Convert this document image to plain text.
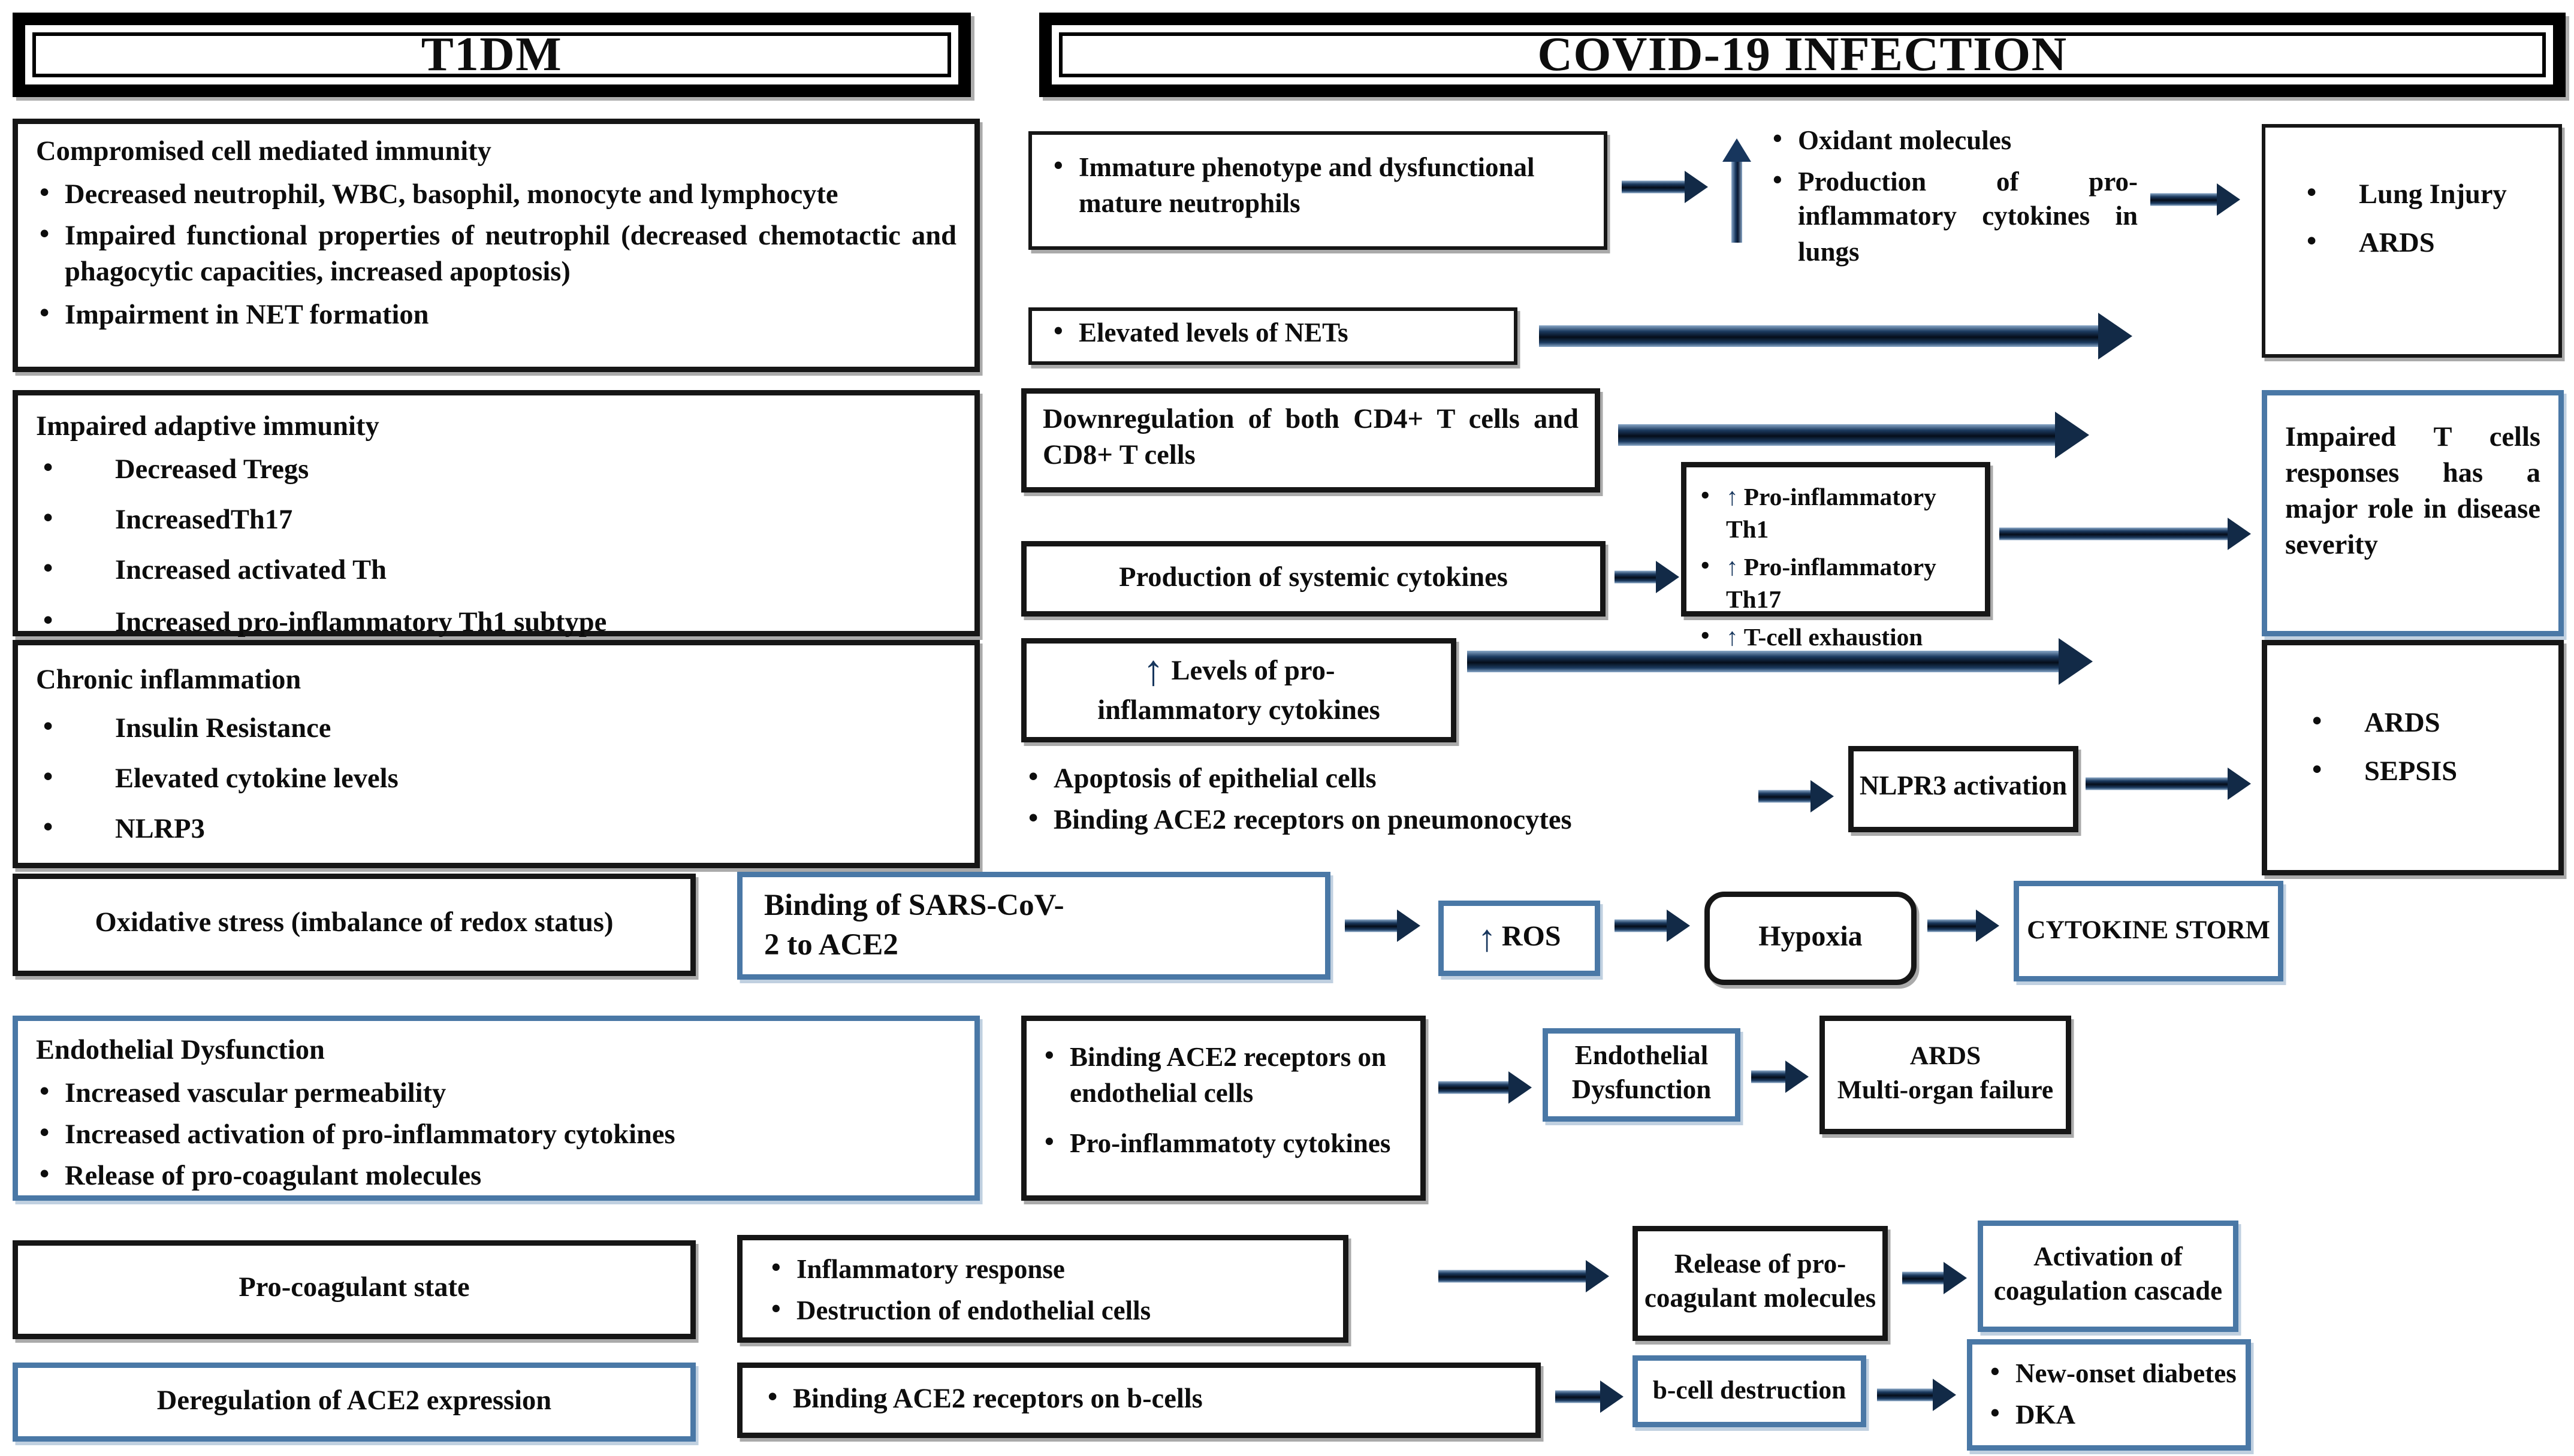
T1DM	COVID-19 INFECTION
Compromised cell mediated immunity
• Decreased neutrophil, WBC, basophil, monocyte and lymphocyte
• Impaired functional properties of neutrophil (decreased chemotactic and phagocytic capacities, increased apoptosis)
• Impairment in NET formation
• Immature phenotype and dysfunctional mature neutrophils
• Oxidant molecules
• Production of pro-inflammatory cytokines in lungs
• Lung Injury
• ARDS
• Elevated levels of NETs
Impaired adaptive immunity
• Decreased Tregs
• IncreasedTh17
• Increased activated Th
• Increased pro-inflammatory Th1 subtype
Downregulation of both CD4+ T cells and CD8+ T cells
Impaired T cells responses has a major role in disease severity
Production of systemic cytokines
• ↑ Pro-inflammatory Th1
• ↑ Pro-inflammatory Th17
• ↑ T-cell exhaustion
Chronic inflammation
• Insulin Resistance
• Elevated cytokine levels
• NLRP3
↑ Levels of pro-inflammatory cytokines
• Apoptosis of epithelial cells
• Binding ACE2 receptors on pneumonocytes
NLPR3 activation
• ARDS
• SEPSIS
Oxidative stress (imbalance of redox status)
Binding of SARS-CoV-2 to ACE2	↑ ROS	Hypoxia	CYTOKINE STORM
Endothelial Dysfunction
• Increased vascular permeability
• Increased activation of pro-inflammatory cytokines
• Release of pro-coagulant molecules
• Binding ACE2 receptors on endothelial cells
• Pro-inflammatoty cytokines
Endothelial Dysfunction
ARDS
Multi-organ failure
Pro-coagulant state
• Inflammatory response
• Destruction of endothelial cells
Release of pro-coagulant molecules
Activation of coagulation cascade
Deregulation of ACE2 expression	• Binding ACE2 receptors on b-cells	b-cell destruction
• New-onset diabetes
• DKA
